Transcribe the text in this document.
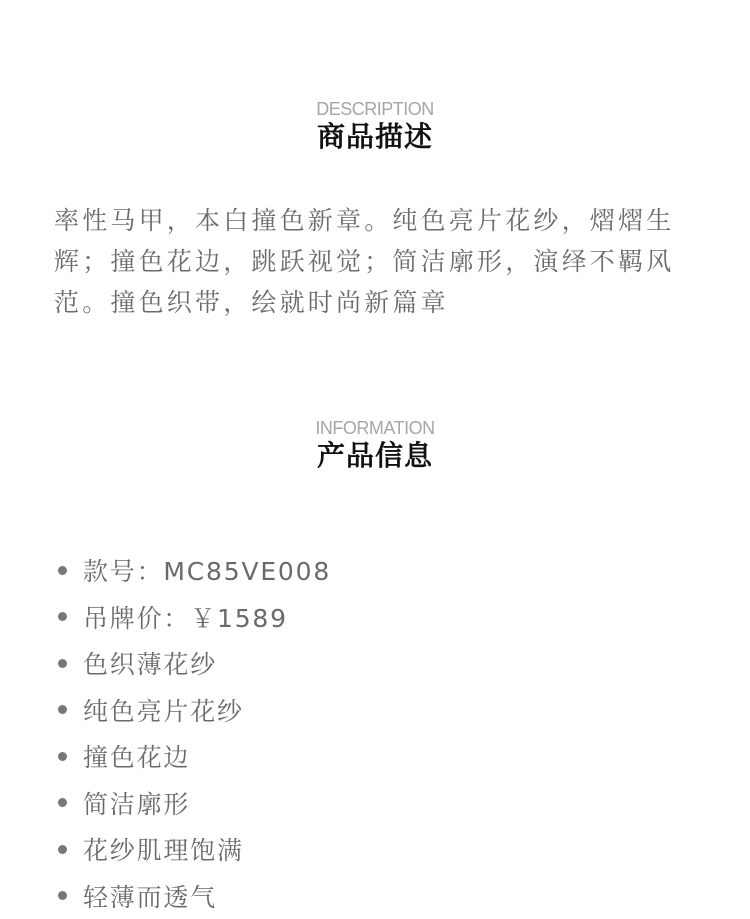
DESCRIPTION
商品描述

率性马甲，本白撞色新章。纯色亮片花纱，熠熠生辉；撞色花边，跳跃视觉；简洁廓形，演绎不羁风范。撞色织带，绘就时尚新篇章

INFORMATION
产品信息
款号：MC85VE008
吊牌价：￥1589
色织薄花纱
纯色亮片花纱
撞色花边
简洁廓形
花纱肌理饱满
轻薄而透气
